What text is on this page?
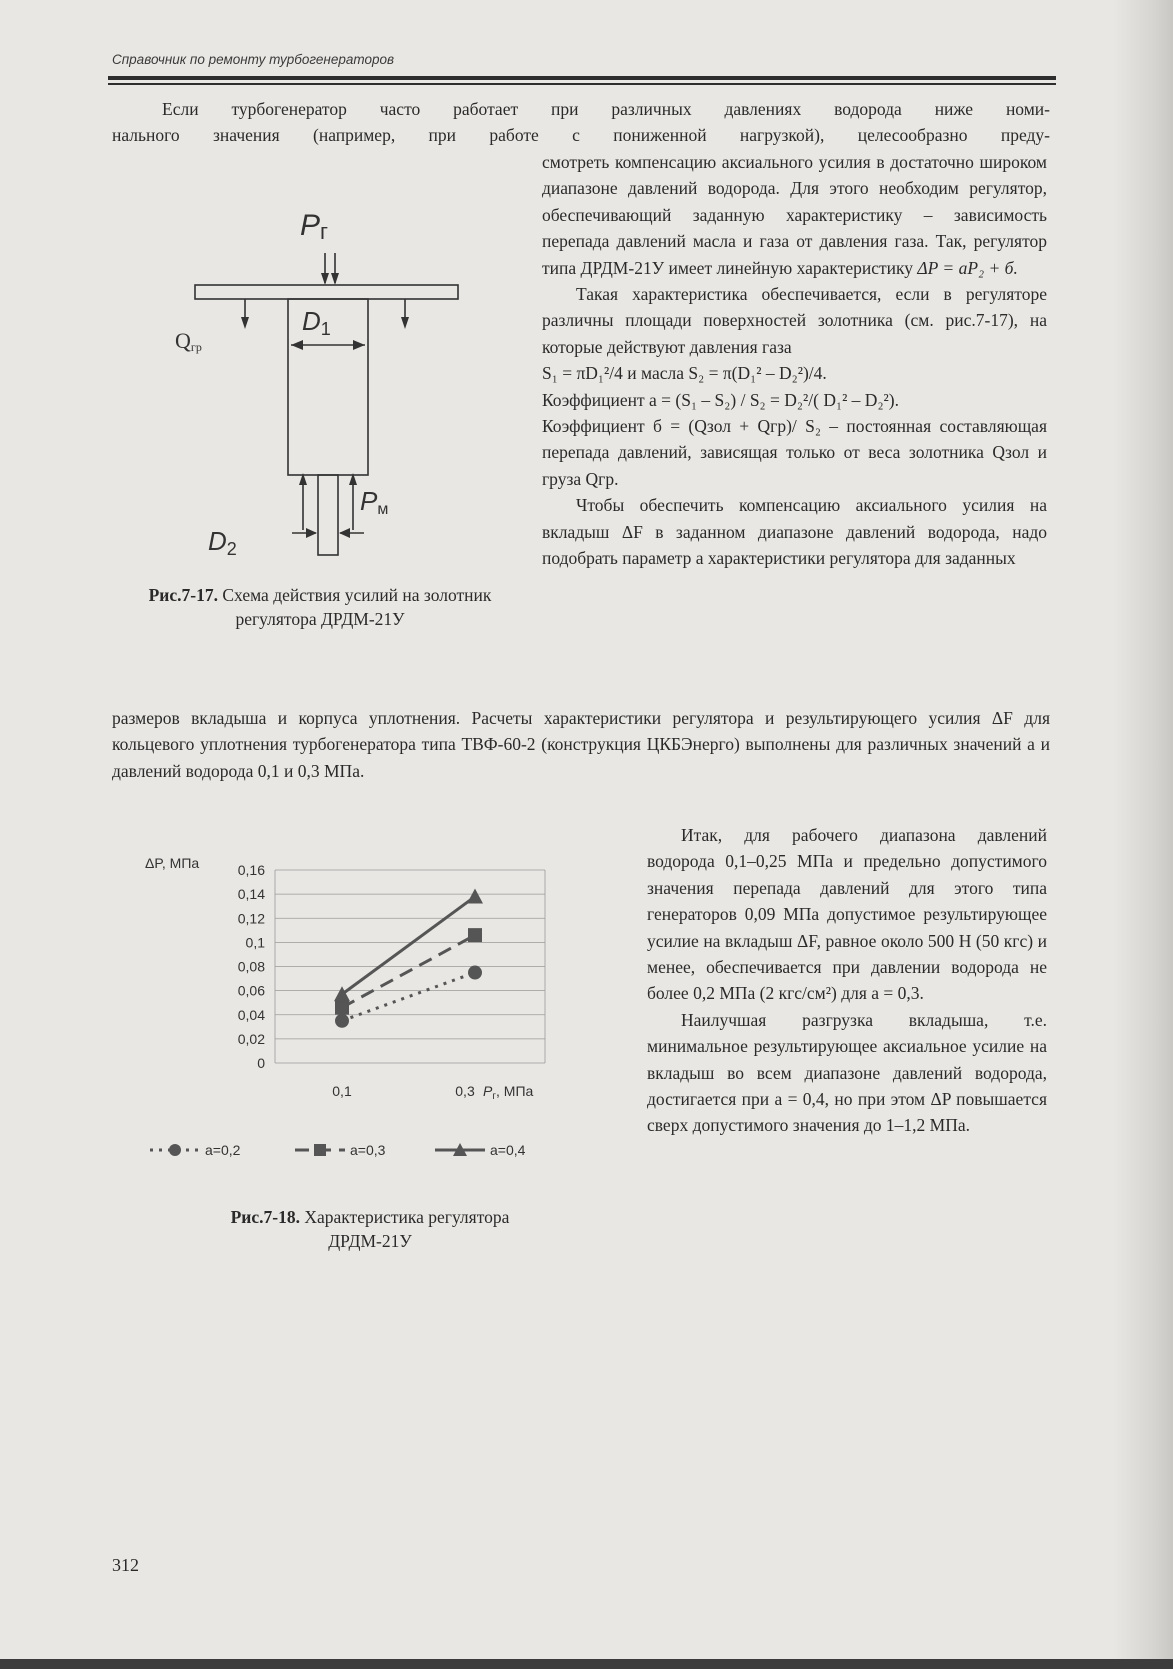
Справочник по ремонту турбогенераторов
Если турбогенератор часто работает при различных давлениях водорода ниже номи-
нального значения (например, при работе с пониженной нагрузкой), целесообразно преду-

смотреть компенсацию аксиального усилия в достаточно широком диапазоне давлений водорода. Для этого необходим регулятор, обеспечивающий заданную характеристику – зависимость перепада давлений масла и газа от давления газа. Так, регулятор типа ДРДМ-21У имеет линейную характеристику ΔP = aP₂ + б.

Такая характеристика обеспечивается, если в регуляторе различны площади поверхностей золотника (см. рис.7-17), на которые действуют давления газа

S₁ = πD₁²/4 и масла S₂ = π(D₁² – D₂²)/4.

Коэффициент a = (S₁ – S₂) / S₂ = D₂²/( D₁² – D₂²).

Коэффициент б = (Qзол + Qгр)/ S₂ – постоянная составляющая перепада давлений, зависящая только от веса золотника Qзол и груза Qгр.

Чтобы обеспечить компенсацию аксиального усилия на вкладыш ΔF в заданном диапазоне давлений водорода, надо подобрать параметр a характеристики регулятора для заданных

размеров вкладыша и корпуса уплотнения. Расчеты характеристики регулятора и результирующего усилия ΔF для кольцевого уплотнения турбогенератора типа ТВФ-60-2 (конструкция ЦКБЭнерго) выполнены для различных значений a и давлений водорода 0,1 и 0,3 МПа.

Итак, для рабочего диапазона давлений водорода 0,1–0,25 МПа и предельно допустимого значения перепада давлений для этого типа генераторов 0,09 МПа допустимое результирующее усилие на вкладыш ΔF, равное около 500 Н (50 кгс) и менее, обеспечивается при давлении водорода не более 0,2 МПа (2 кгс/см²) для a = 0,3.

Наилучшая разгрузка вкладыша, т.е. минимальное результирующее аксиальное усилие на вкладыш во всем диапазоне давлений водорода, достигается при a = 0,4, но при этом ΔP повышается сверх допустимого значения до 1–1,2 МПа.

Pг
D1
Qгр
Pм
D2
Рис.7-17. Схема действия усилий на золотник регулятора ДРДМ-21У
ΔP, МПа
0
0,02
0,04
0,06
0,08
0,1
0,12
0,14
0,16
0,1	0,3 $P_г$, МПа
a=0,2	a=0,3	a=0,4
Рис.7-18. Характеристика регулятора ДРДМ-21У
312
